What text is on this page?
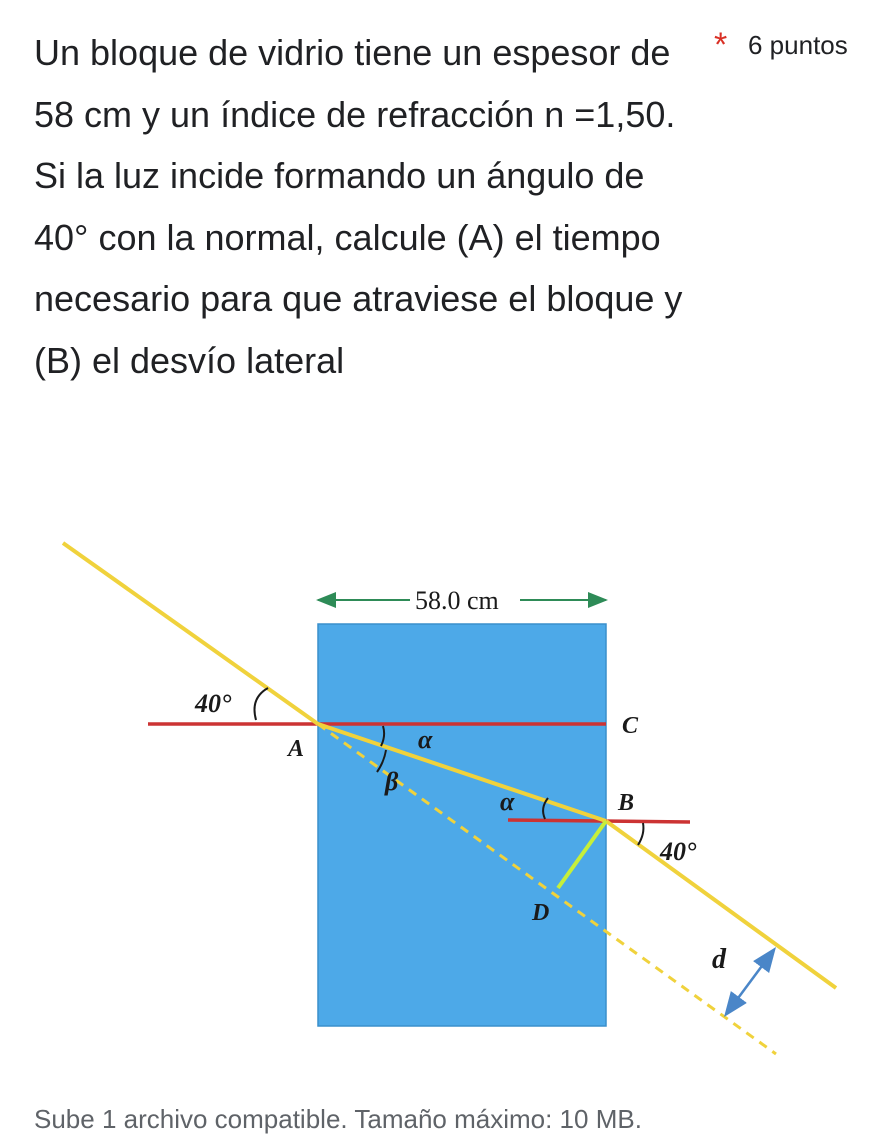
Un bloque de vidrio tiene un espesor de 58 cm y un índice de refracción n =1,50. Si la luz incide formando un ángulo de 40° con la normal, calcule (A) el tiempo necesario para que atraviese el bloque y (B) el desvío lateral

* 6 puntos
58.0 cm
d
40°
α
β
α
40°
A
B
C
D
Sube 1 archivo compatible. Tamaño máximo: 10 MB.
